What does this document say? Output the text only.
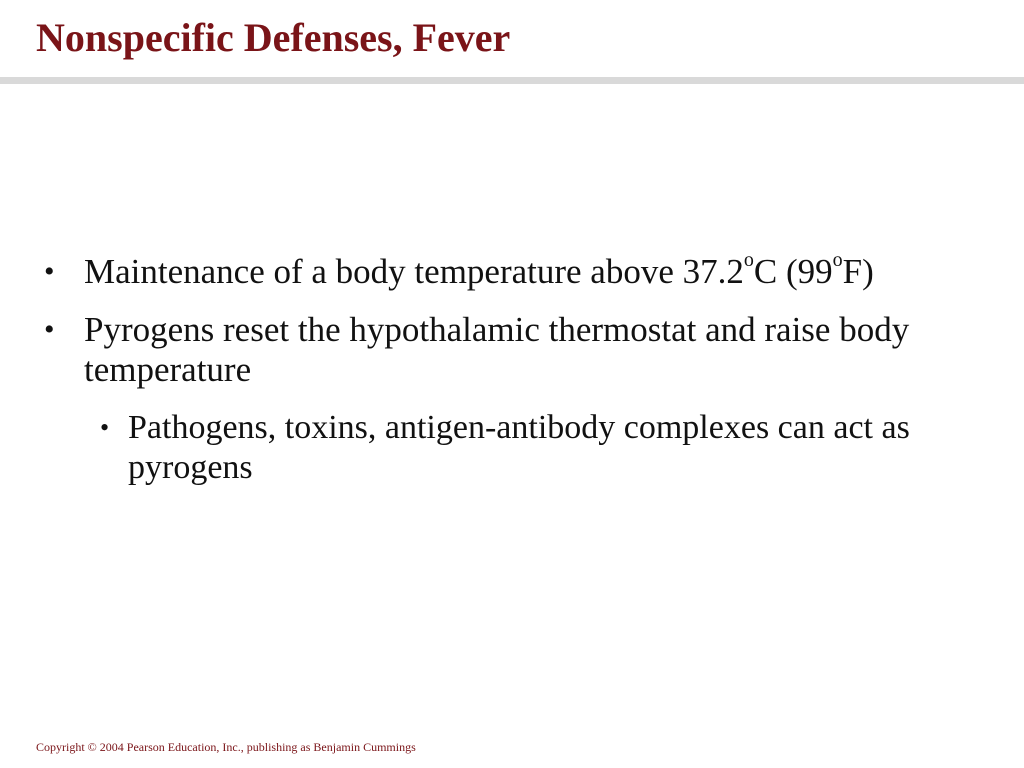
Nonspecific Defenses, Fever
• Maintenance of a body temperature above 37.2$^o$C (99$^o$F)
• Pyrogens reset the hypothalamic thermostat and raise body temperature
• Pathogens, toxins, antigen-antibody complexes can act as pyrogens
Copyright © 2004 Pearson Education, Inc., publishing as Benjamin Cummings
